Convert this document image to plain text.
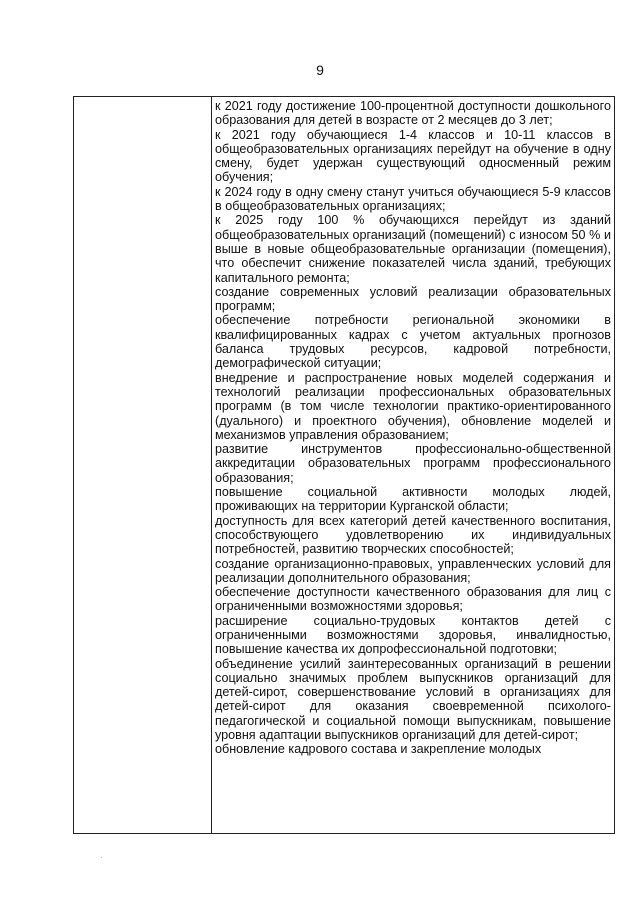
9

к 2021 году достижение 100-процентной доступности дошкольного образования для детей в возрасте от 2 месяцев до 3 лет;

к 2021 году обучающиеся 1-4 классов и 10-11 классов в общеобразовательных организациях перейдут на обучение в одну смену, будет удержан существующий односменный режим обучения;

к 2024 году в одну смену станут учиться обучающиеся 5-9 классов в общеобразовательных организациях;

к 2025 году 100 % обучающихся перейдут из зданий общеобразовательных организаций (помещений) с износом 50 % и выше в новые общеобразовательные организации (помещения), что обеспечит снижение показателей числа зданий, требующих капитального ремонта;

создание современных условий реализации образовательных программ;

обеспечение потребности региональной экономики в квалифицированных кадрах с учетом актуальных прогнозов баланса трудовых ресурсов, кадровой потребности, демографической ситуации;

внедрение и распространение новых моделей содержания и технологий реализации профессиональных образовательных программ (в том числе технологии практико-ориентированного (дуального) и проектного обучения), обновление моделей и механизмов управления образованием;

развитие инструментов профессионально-общественной аккредитации образовательных программ профессионального образования;

повышение социальной активности молодых людей, проживающих на территории Курганской области;

доступность для всех категорий детей качественного воспитания, способствующего удовлетворению их индивидуальных потребностей, развитию творческих способностей;

создание организационно-правовых, управленческих условий для реализации дополнительного образования;

обеспечение доступности качественного образования для лиц с ограниченными возможностями здоровья;

расширение социально-трудовых контактов детей с ограниченными возможностями здоровья, инвалидностью, повышение качества их допрофессиональной подготовки;

объединение усилий заинтересованных организаций в решении социально значимых проблем выпускников организаций для детей-сирот, совершенствование условий в организациях для детей-сирот для оказания своевременной психолого-педагогической и социальной помощи выпускникам, повышение уровня адаптации выпускников организаций для детей-сирот;

обновление кадрового состава и закрепление молодых

·
